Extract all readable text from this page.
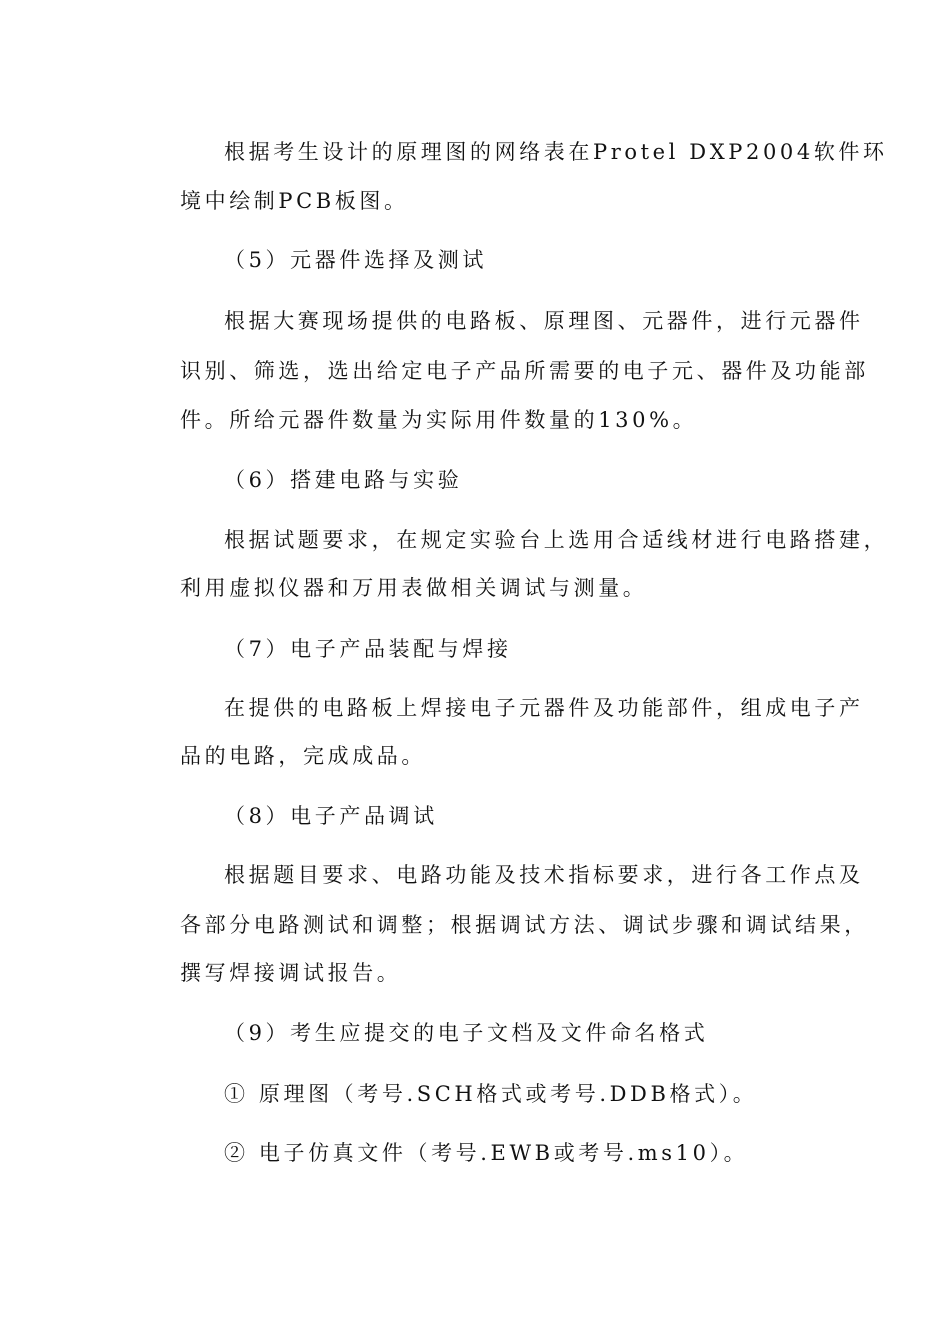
根据考生设计的原理图的网络表在Protel DXP2004软件环

境中绘制PCB板图。

（5）元器件选择及测试

根据大赛现场提供的电路板、原理图、元器件，进行元器件

识别、筛选，选出给定电子产品所需要的电子元、器件及功能部

件。所给元器件数量为实际用件数量的130%。

（6）搭建电路与实验

根据试题要求，在规定实验台上选用合适线材进行电路搭建，

利用虚拟仪器和万用表做相关调试与测量。

（7）电子产品装配与焊接

在提供的电路板上焊接电子元器件及功能部件，组成电子产

品的电路，完成成品。

（8）电子产品调试

根据题目要求、电路功能及技术指标要求，进行各工作点及

各部分电路测试和调整；根据调试方法、调试步骤和调试结果，

撰写焊接调试报告。

（9）考生应提交的电子文档及文件命名格式

① 原理图（考号.SCH格式或考号.DDB格式）。

② 电子仿真文件（考号.EWB或考号.ms10）。
